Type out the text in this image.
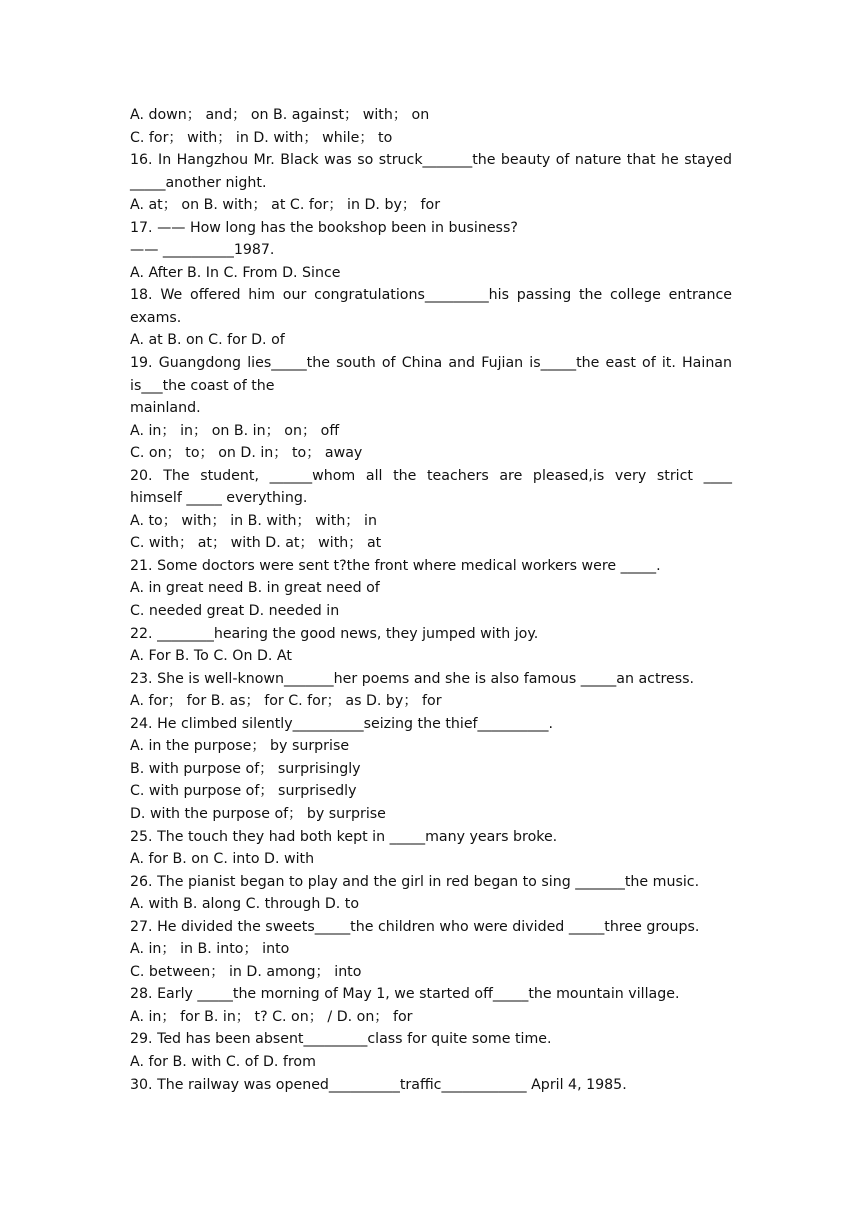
A. down； and； on B. against； with； on
C. for； with； in D. with； while； to
16. In Hangzhou Mr. Black was so struck_______the beauty of nature that he stayed
_____another night.
A. at； on B. with； at C. for； in D. by； for
17. —— How long has the bookshop been in business?
—— __________1987.
A. After B. In C. From D. Since
18. We offered him our congratulations_________his passing the college entrance
exams.
A. at B. on C. for D. of
19. Guangdong lies_____the south of China and Fujian is_____the east of it. Hainan
is___the coast of the
mainland.
A. in； in； on B. in； on； off
C. on； to； on D. in； to； away
20. The student, ______whom all the teachers are pleased,is very strict ____
himself _____ everything.
A. to； with； in B. with； with； in
C. with； at； with D. at； with； at
21. Some doctors were sent t?the front where medical workers were _____.
A. in great need B. in great need of
C. needed great D. needed in
22. ________hearing the good news, they jumped with joy.
A. For B. To C. On D. At
23. She is well-known_______her poems and she is also famous _____an actress.
A. for； for B. as； for C. for； as D. by； for
24. He climbed silently__________seizing the thief__________.
A. in the purpose； by surprise
B. with purpose of； surprisingly
C. with purpose of； surprisedly
D. with the purpose of； by surprise
25. The touch they had both kept in _____many years broke.
A. for B. on C. into D. with
26. The pianist began to play and the girl in red began to sing _______the music.
A. with B. along C. through D. to
27. He divided the sweets_____the children who were divided _____three groups.
A. in； in B. into； into
C. between； in D. among； into
28. Early _____the morning of May 1, we started off_____the mountain village.
A. in； for B. in； t? C. on； / D. on； for
29. Ted has been absent_________class for quite some time.
A. for B. with C. of D. from
30. The railway was opened__________traffic____________ April 4, 1985.
